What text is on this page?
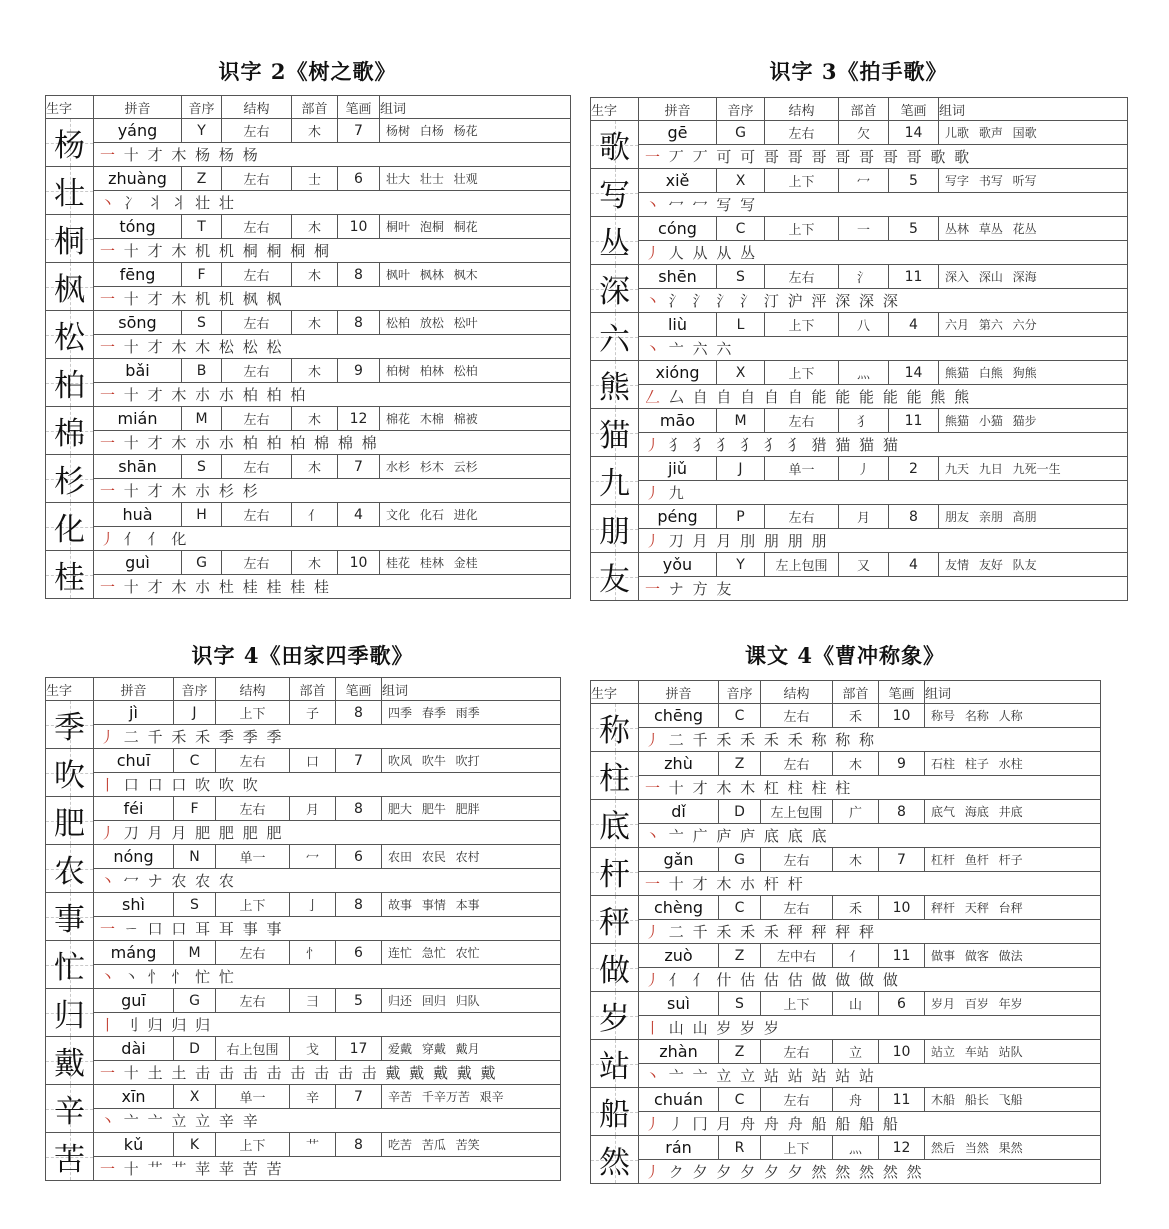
识字 2《树之歌》
生字	拼音	音序	结构	部首	笔画	组词
杨	yáng	Y	左右	木	7	杨树 白杨 杨花
	一 十 才 木 杨 杨 杨					
壮	zhuàng	Z	左右	士	6	壮大 壮士 壮观
	丶 冫 丬 丬 壮 壮					
桐	tóng	T	左右	木	10	桐叶 泡桐 桐花
	一 十 才 木 机 机 桐 桐 桐 桐					
枫	fēng	F	左右	木	8	枫叶 枫林 枫木
	一 十 才 木 机 机 枫 枫					
松	sōng	S	左右	木	8	松柏 放松 松叶
	一 十 才 木 木 松 松 松					
柏	bǎi	B	左右	木	9	柏树 柏林 松柏
	一 十 才 木 朩 朩 柏 柏 柏					
棉	mián	M	左右	木	12	棉花 木棉 棉被
	一 十 才 木 朩 朩 柏 柏 柏 棉 棉 棉					
杉	shān	S	左右	木	7	水杉 杉木 云杉
	一 十 才 木 朩 杉 杉					
化	huà	H	左右	亻	4	文化 化石 进化
	丿 亻 亻 化					
桂	guì	G	左右	木	10	桂花 桂林 金桂
	一 十 才 木 朩 杜 桂 桂 桂 桂					
识字 3《拍手歌》
生字	拼音	音序	结构	部首	笔画	组词
歌	gē	G	左右	欠	14	儿歌 歌声 国歌
	一 丆 丆 可 可 哥 哥 哥 哥 哥 哥 哥 歌 歌					
写	xiě	X	上下	冖	5	写字 书写 听写
	丶 冖 冖 写 写					
丛	cóng	C	上下	一	5	丛林 草丛 花丛
	丿 人 从 从 丛					
深	shēn	S	左右	氵	11	深入 深山 深海
	丶 氵 氵 氵 氵 汀 沪 泙 深 深 深					
六	liù	L	上下	八	4	六月 第六 六分
	丶 亠 六 六					
熊	xióng	X	上下	灬	14	熊猫 白熊 狗熊
	𠃋 厶 自 自 自 自 自 能 能 能 能 能 熊 熊					
猫	māo	M	左右	犭	11	熊猫 小猫 猫步
	丿 犭 犭 犭 犭 犭 犭 猎 猫 猫 猫					
九	jiǔ	J	单一	丿	2	九天 九日 九死一生
	丿 九					
朋	péng	P	左右	月	8	朋友 亲朋 高朋
	丿 刀 月 月 刖 朋 朋 朋					
友	yǒu	Y	左上包围	又	4	友情 友好 队友
	一 ナ 方 友					
识字 4《田家四季歌》
生字	拼音	音序	结构	部首	笔画	组词
季	jì	J	上下	子	8	四季 春季 雨季
	丿 二 千 禾 禾 季 季 季					
吹	chuī	C	左右	口	7	吹风 吹牛 吹打
	丨 口 口 口 吹 吹 吹					
肥	féi	F	左右	月	8	肥大 肥牛 肥胖
	丿 刀 月 月 肥 肥 肥 肥					
农	nóng	N	单一	冖	6	农田 农民 农村
	丶 冖 ナ 农 农 农					
事	shì	S	上下	亅	8	故事 事情 本事
	一 ㄧ 口 口 耳 耳 事 事					
忙	máng	M	左右	忄	6	连忙 急忙 农忙
	丶 丶 忄 忄 忙 忙					
归	guī	G	左右	彐	5	归还 回归 归队
	丨 刂 归 归 归					
戴	dài	D	右上包围	戈	17	爱戴 穿戴 戴月
	一 十 土 土 击 击 击 击 击 击 击 击 戴 戴 戴 戴 戴					
辛	xīn	X	单一	辛	7	辛苦 千辛万苦 艰辛
	丶 亠 亠 立 立 辛 辛					
苦	kǔ	K	上下	艹	8	吃苦 苦瓜 苦笑
	一 十 艹 艹 苹 苹 苦 苦					
课文 4《曹冲称象》
生字	拼音	音序	结构	部首	笔画	组词
称	chēng	C	左右	禾	10	称号 名称 人称
	丿 二 千 禾 禾 禾 禾 称 称 称					
柱	zhù	Z	左右	木	9	石柱 柱子 水柱
	一 十 才 木 木 杠 柱 柱 柱					
底	dǐ	D	左上包围	广	8	底气 海底 井底
	丶 亠 广 庐 庐 底 底 底					
杆	gǎn	G	左右	木	7	杠杆 鱼杆 杆子
	一 十 才 木 朩 杆 杆					
秤	chèng	C	左右	禾	10	秤杆 天秤 台秤
	丿 二 千 禾 禾 禾 秤 秤 秤 秤					
做	zuò	Z	左中右	亻	11	做事 做客 做法
	丿 亻 亻 什 估 估 估 做 做 做 做					
岁	suì	S	上下	山	6	岁月 百岁 年岁
	丨 山 山 岁 岁 岁					
站	zhàn	Z	左右	立	10	站立 车站 站队
	丶 亠 亠 立 立 站 站 站 站 站					
船	chuán	C	左右	舟	11	木船 船长 飞船
	丿 丿 冂 月 舟 舟 舟 船 船 船 船					
然	rán	R	上下	灬	12	然后 当然 果然
	丿 ク 夕 夕 夕 夕 夕 然 然 然 然 然					
